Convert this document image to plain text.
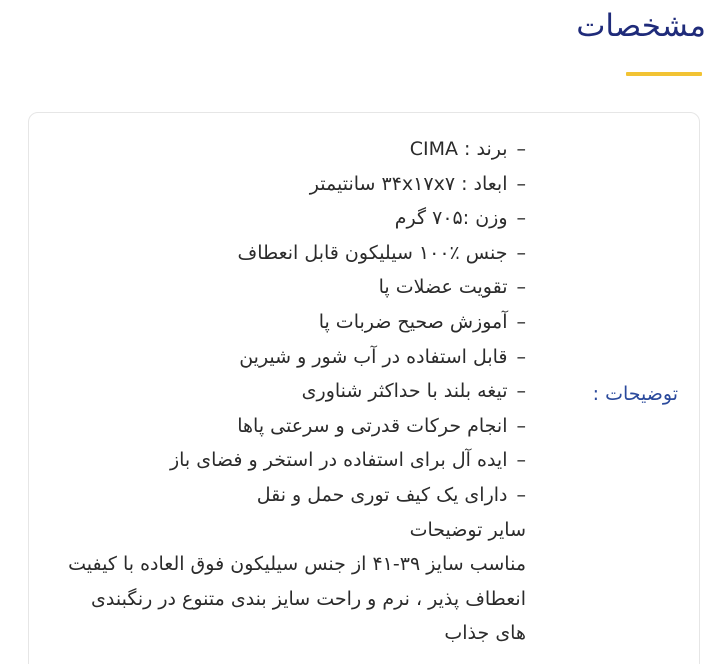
مشخصات
توضیحات :
–برند : CIMA
–ابعاد : ۳۴x۱۷x۷ سانتیمتر
–وزن :۷۰۵ گرم
–جنس ٪۱۰۰ سیلیکون قابل انعطاف
–تقویت عضلات پا
–آموزش صحیح ضربات پا
–قابل استفاده در آب شور و شیرین
–تیغه بلند با حداکثر شناوری
–انجام حرکات قدرتی و سرعتی پاها
–ایده آل برای استفاده در استخر و فضای باز
–دارای یک کیف توری حمل و نقل
سایر توضیحات

مناسب سایز ۳۹-۴۱ از جنس سیلیکون فوق العاده با کیفیت انعطاف پذیر ، نرم و راحت سایز بندی متنوع در رنگبندی های جذاب
